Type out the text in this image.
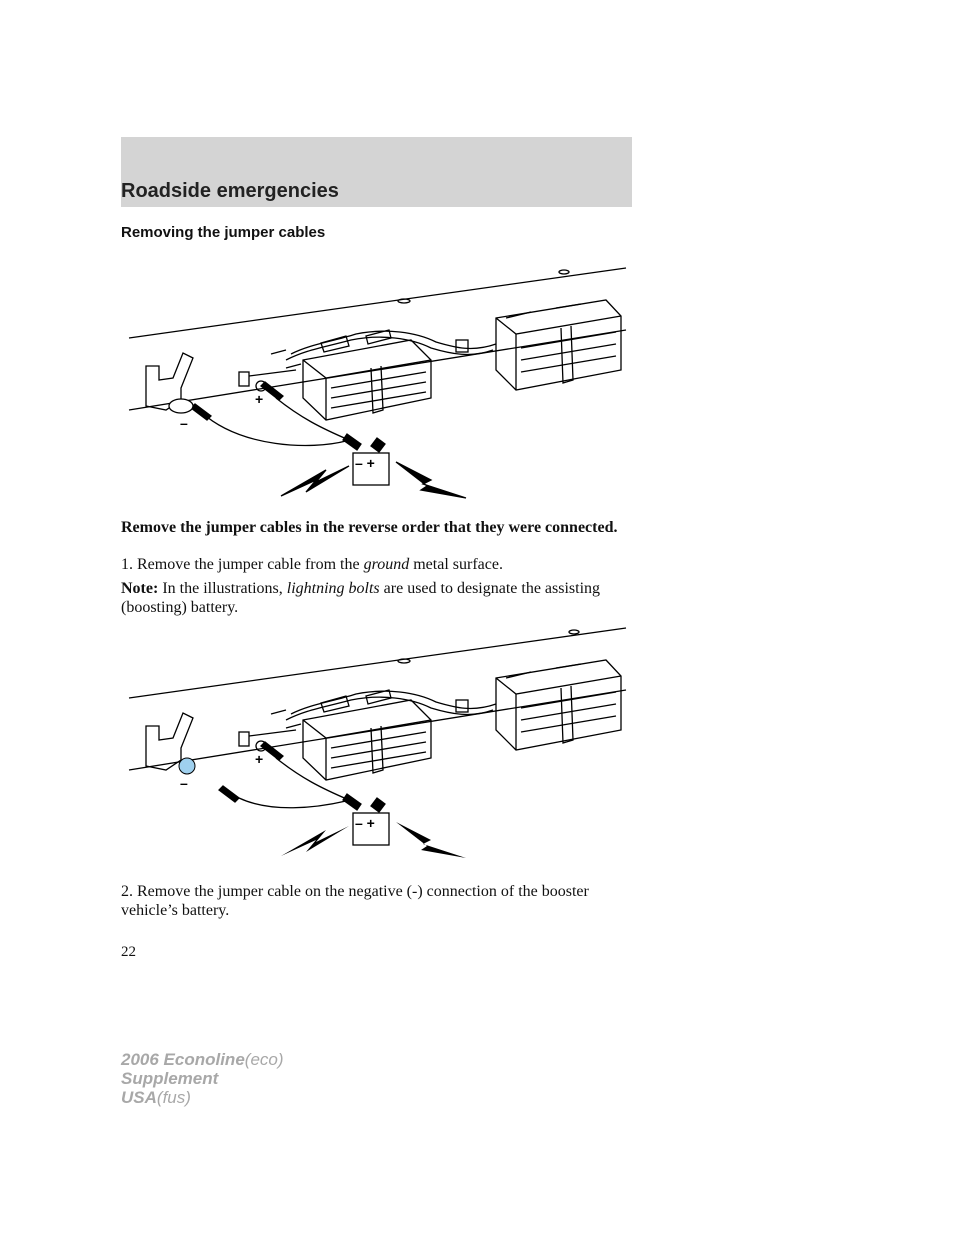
Roadside emergencies
Removing the jumper cables
+
–
– +

Remove the jumper cables in the reverse order that they were connected.

1. Remove the jumper cable from the ground metal surface.

Note: In the illustrations, lightning bolts are used to designate the assisting (boosting) battery.

+
–
– +

2. Remove the jumper cable on the negative (-) connection of the booster vehicle’s battery.

22
2006 Econoline(eco)
Supplement
USA(fus)
